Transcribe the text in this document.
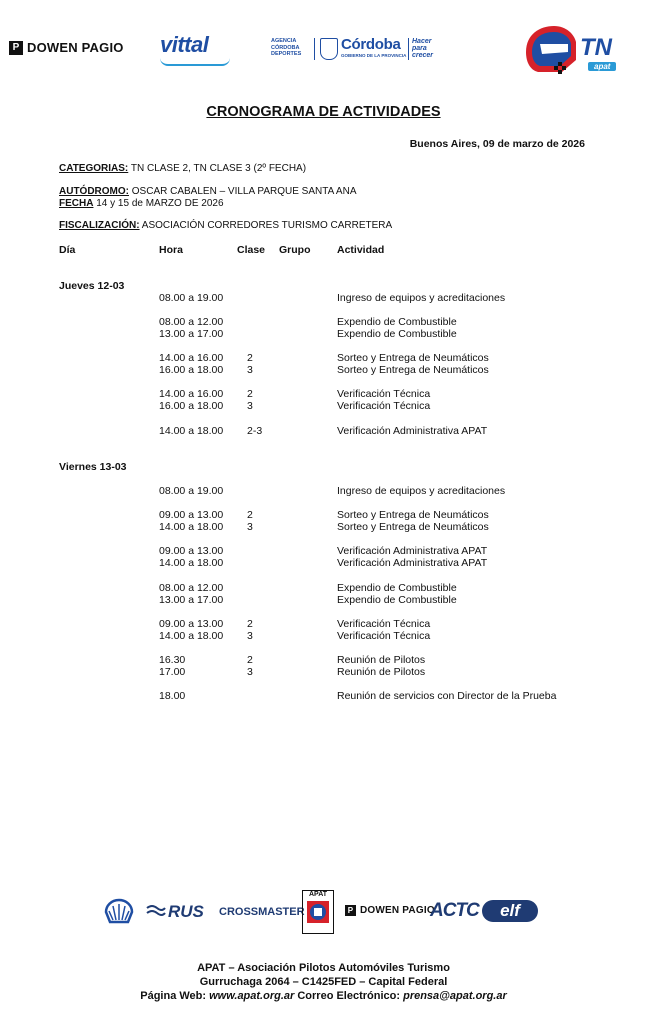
P DOWEN PAGIO vittal	AGENCIA
CÓRDOBA
DEPORTES
Córdoba
GOBIERNO DE LA PROVINCIA
Hacer
para
crecer	TN
apat
CRONOGRAMA DE ACTIVIDADES
Buenos Aires, 09 de marzo de 2026
CATEGORIAS: TN CLASE 2, TN CLASE 3 (2º FECHA)
AUTÓDROMO: OSCAR CABALEN – VILLA PARQUE SANTA ANA
FECHA 14 y 15 de MARZO DE 2026
FISCALIZACIÓN: ASOCIACIÓN CORREDORES TURISMO CARRETERA
Día	Hora	Clase Grupo	Actividad
Jueves 12-03
08.00 a 19.00	Ingreso de equipos y acreditaciones
08.00 a 12.00	Expendio de Combustible
13.00 a 17.00	Expendio de Combustible
14.00 a 16.00 2	Sorteo y Entrega de Neumáticos
16.00 a 18.00 3	Sorteo y Entrega de Neumáticos
14.00 a 16.00 2	Verificación Técnica
16.00 a 18.00 3	Verificación Técnica
14.00 a 18.00 2-3	Verificación Administrativa APAT
Viernes 13-03
08.00 a 19.00	Ingreso de equipos y acreditaciones
09.00 a 13.00 2	Sorteo y Entrega de Neumáticos
14.00 a 18.00 3	Sorteo y Entrega de Neumáticos
09.00 a 13.00	Verificación Administrativa APAT
14.00 a 18.00	Verificación Administrativa APAT
08.00 a 12.00	Expendio de Combustible
13.00 a 17.00	Expendio de Combustible
09.00 a 13.00 2	Verificación Técnica
14.00 a 18.00 3	Verificación Técnica
16.30	2	Reunión de Pilotos
17.00	3	Reunión de Pilotos
18.00	Reunión de servicios con Director de la Prueba
RUS CROSSMASTER
APAT
P DOWEN PAGIO
ACTC	elf
APAT – Asociación Pilotos Automóviles Turismo
Gurruchaga 2064 – C1425FED – Capital Federal
Página Web: www.apat.org.ar Correo Electrónico: prensa@apat.org.ar
